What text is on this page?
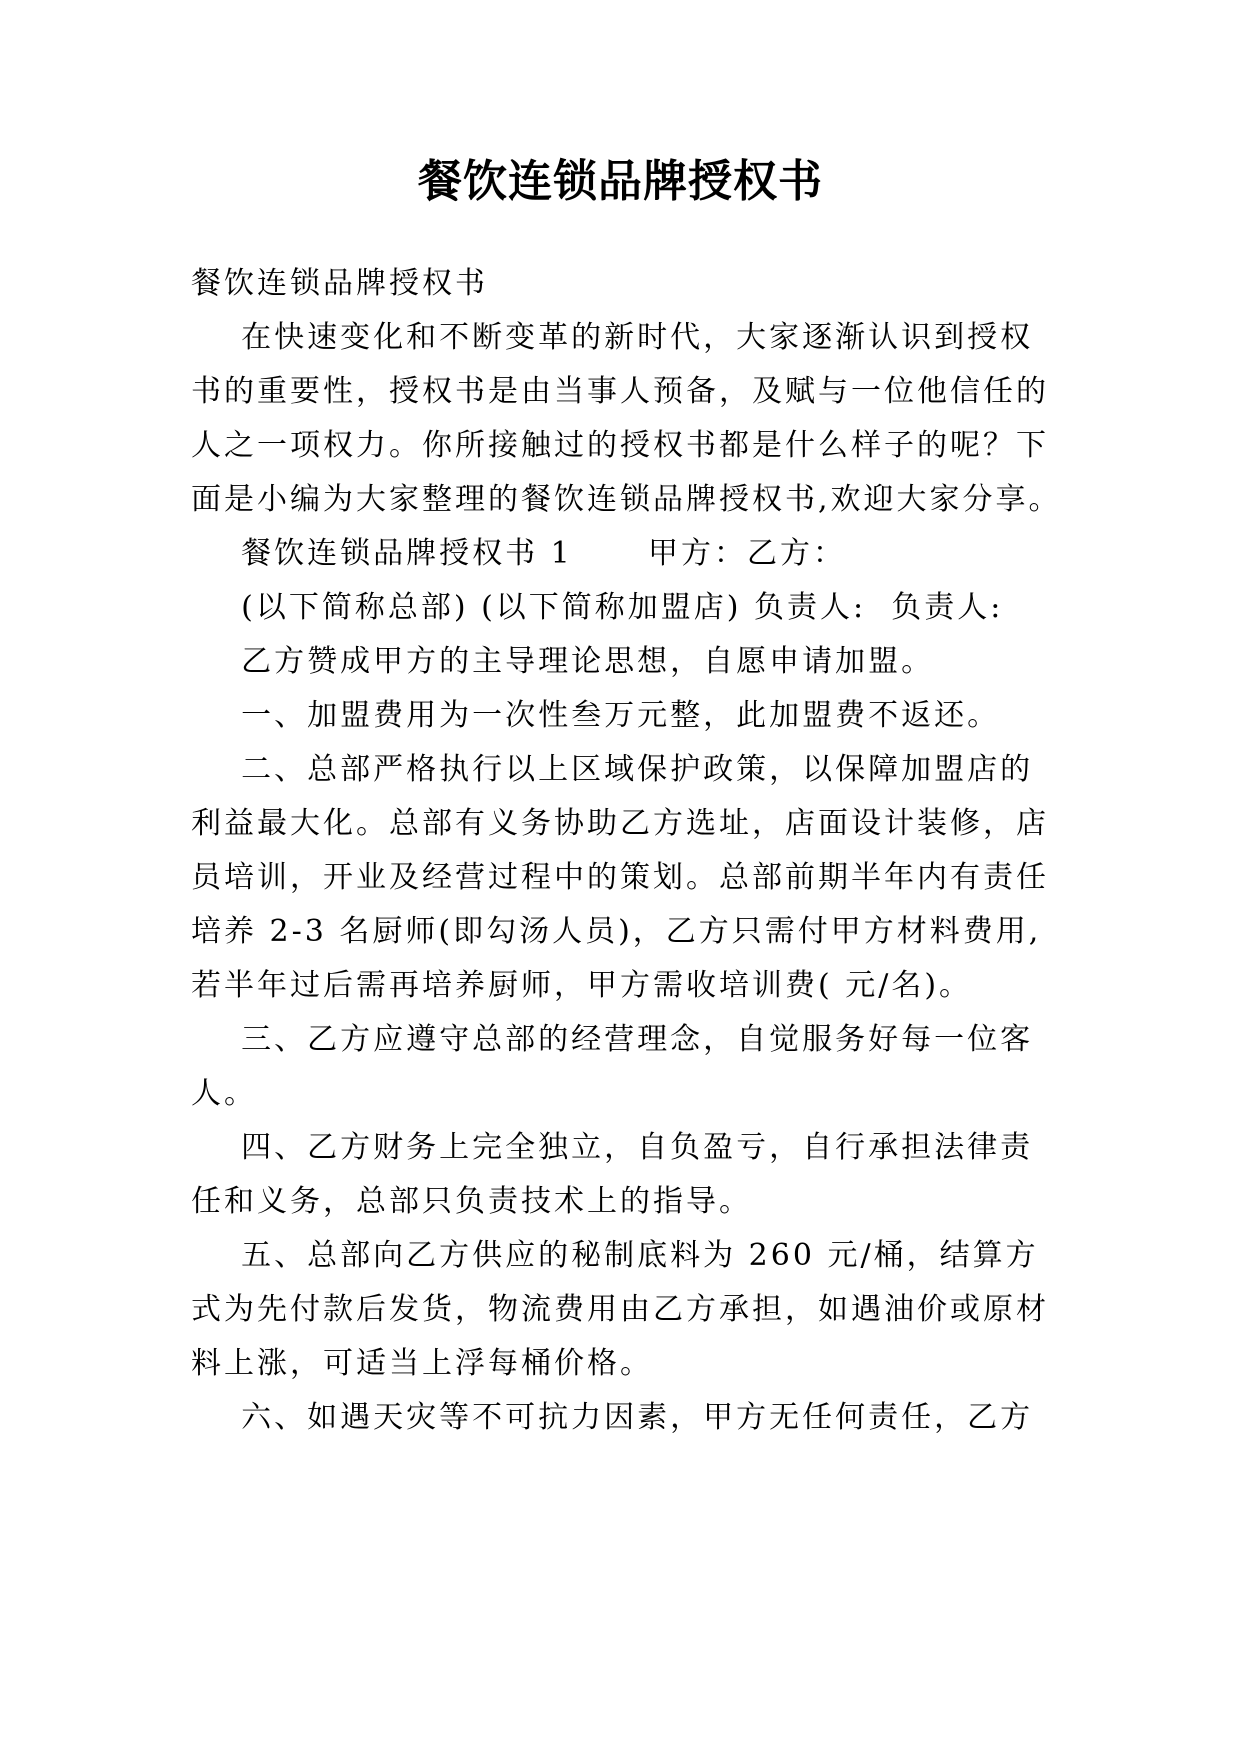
餐饮连锁品牌授权书

餐饮连锁品牌授权书

在快速变化和不断变革的新时代，大家逐渐认识到授权

书的重要性，授权书是由当事人预备，及赋与一位他信任的

人之一项权力。你所接触过的授权书都是什么样子的呢？下

面是小编为大家整理的餐饮连锁品牌授权书,欢迎大家分享。

餐饮连锁品牌授权书 1      甲方：乙方：

(以下简称总部) (以下简称加盟店) 负责人:  负责人:

乙方赞成甲方的主导理论思想，自愿申请加盟。

一、加盟费用为一次性叁万元整，此加盟费不返还。

二、总部严格执行以上区域保护政策，以保障加盟店的

利益最大化。总部有义务协助乙方选址，店面设计装修，店

员培训，开业及经营过程中的策划。总部前期半年内有责任

培养 2-3 名厨师(即勾汤人员)，乙方只需付甲方材料费用,

若半年过后需再培养厨师，甲方需收培训费( 元/名)。

三、乙方应遵守总部的经营理念，自觉服务好每一位客

人。

四、乙方财务上完全独立，自负盈亏，自行承担法律责

任和义务，总部只负责技术上的指导。

五、总部向乙方供应的秘制底料为 260 元/桶，结算方

式为先付款后发货，物流费用由乙方承担，如遇油价或原材

料上涨，可适当上浮每桶价格。

六、如遇天灾等不可抗力因素，甲方无任何责任，乙方
